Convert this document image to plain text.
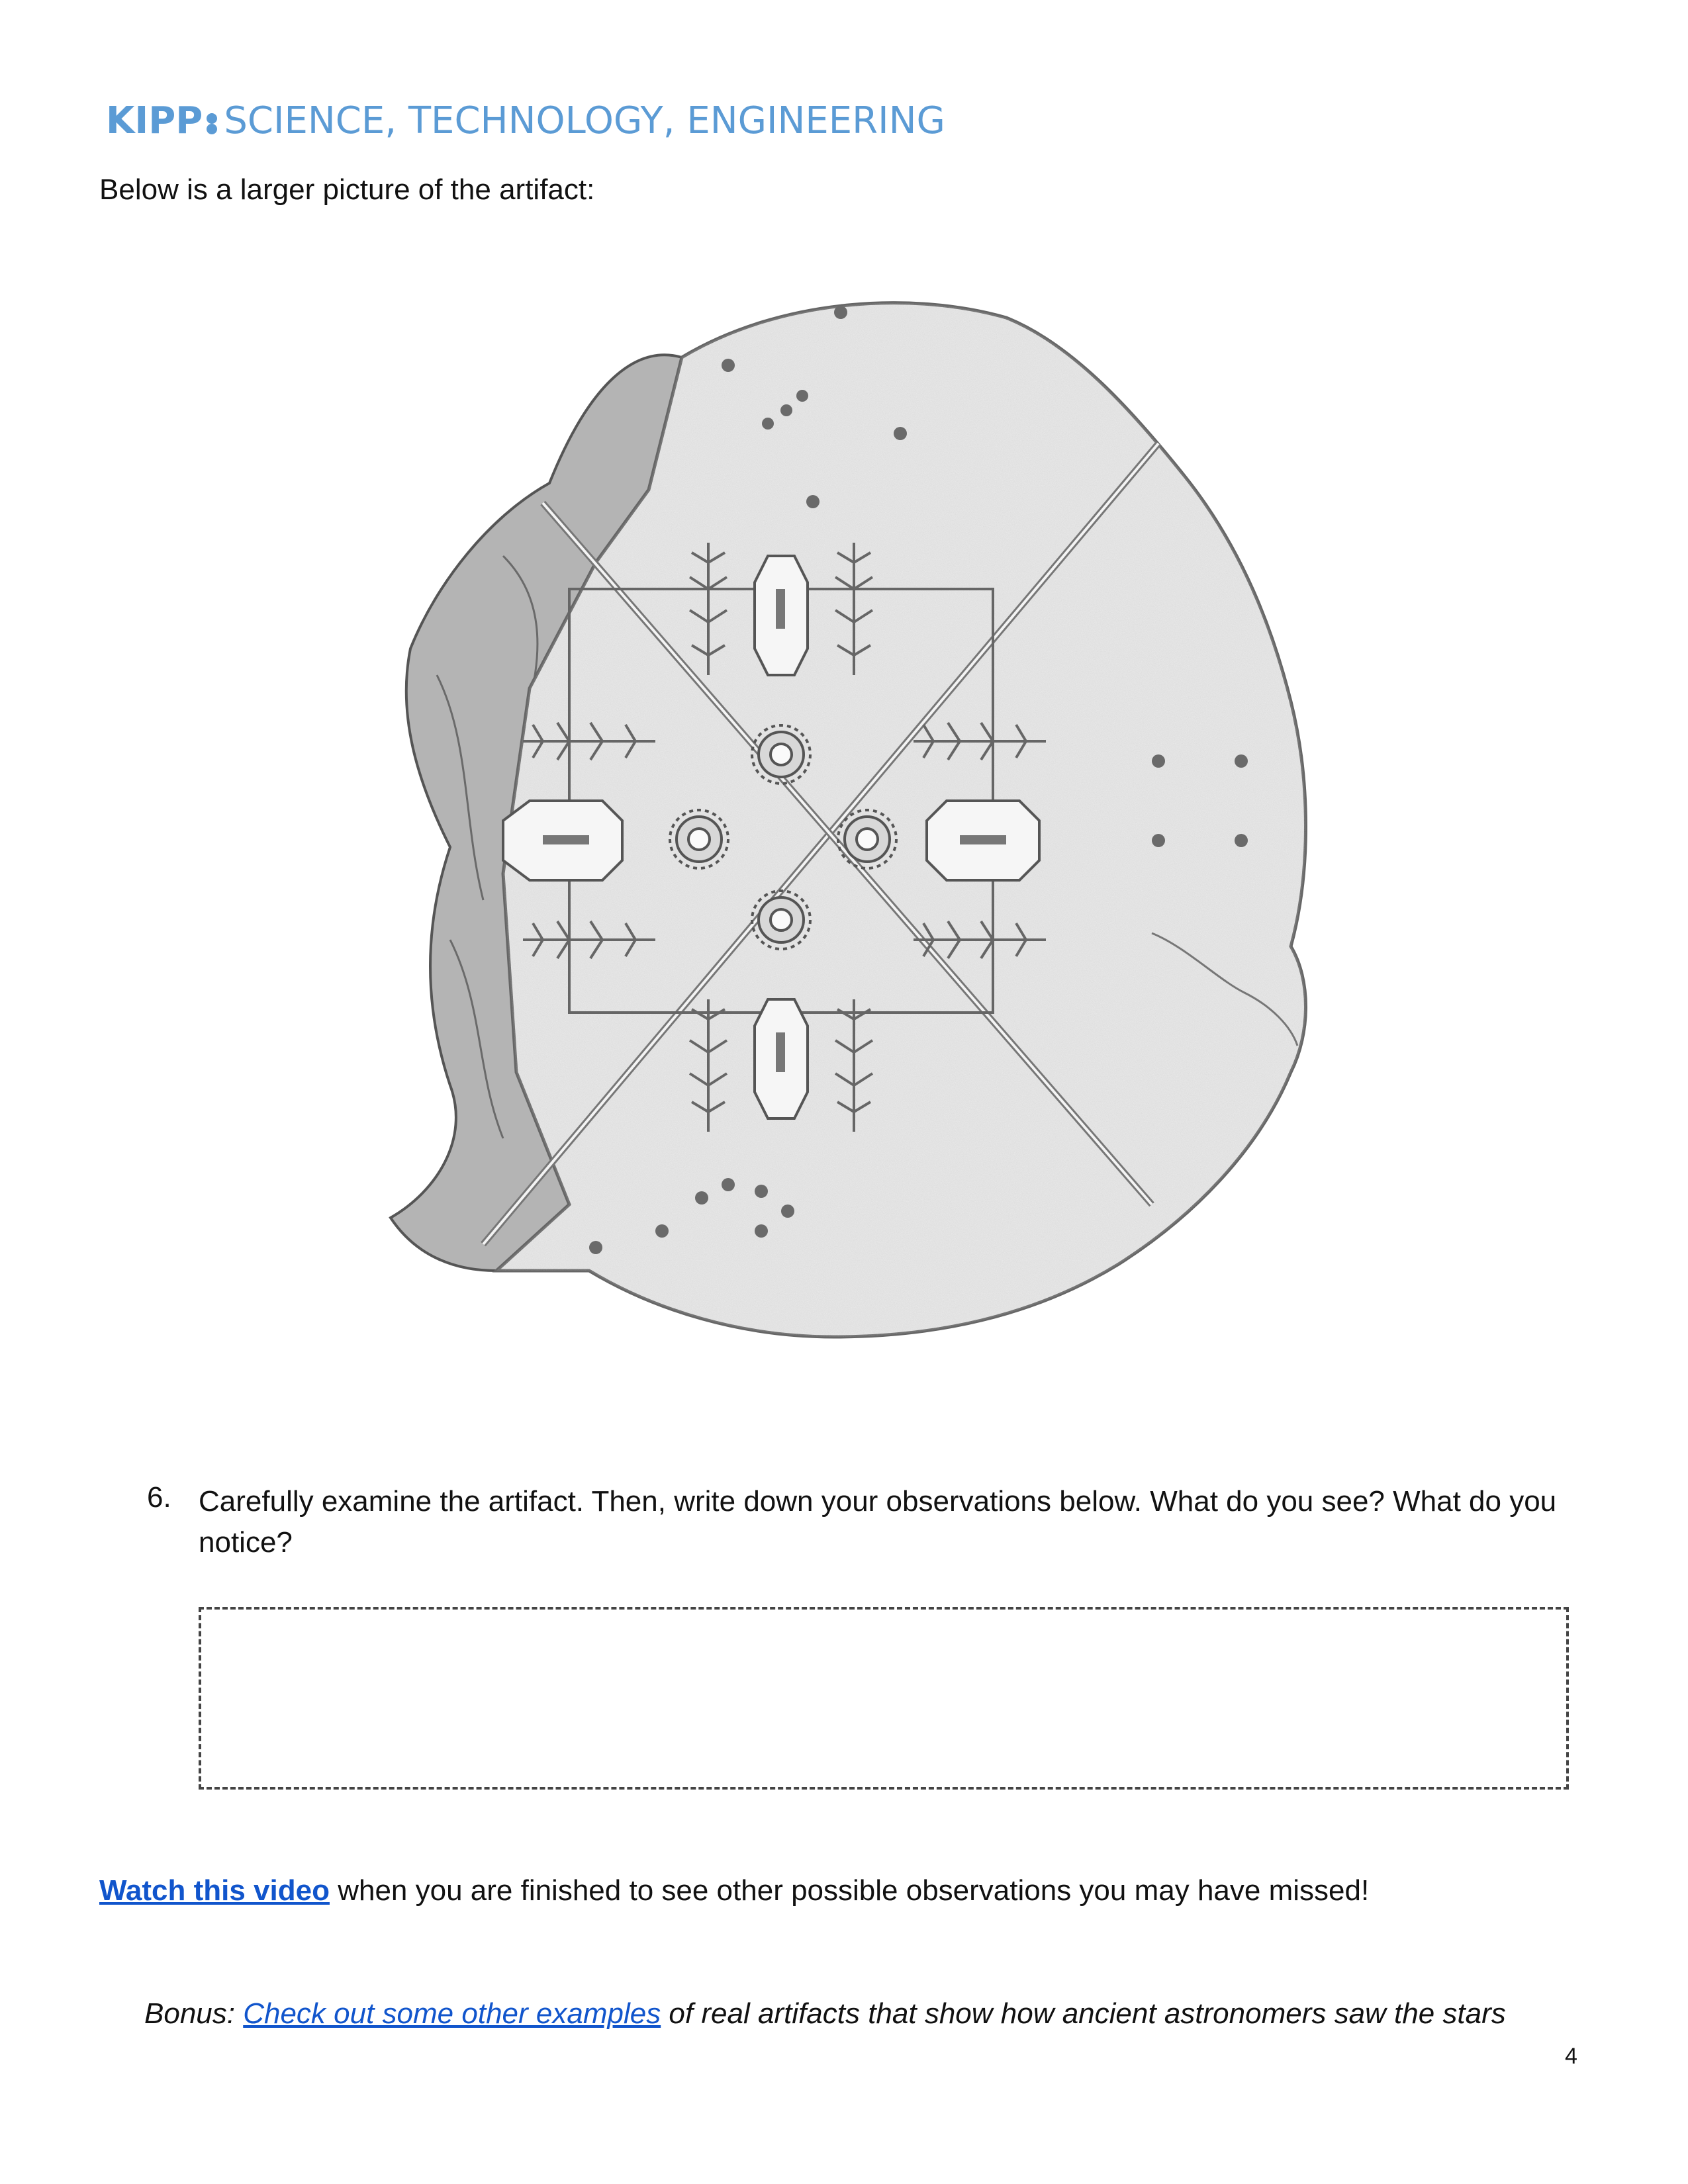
KIPP SCIENCE, TECHNOLOGY, ENGINEERING
Below is a larger picture of the artifact:
6. Carefully examine the artifact. Then, write down your observations below. What do you see? What do you notice?
Watch this video when you are finished to see other possible observations you may have missed!
Bonus: Check out some other examples of real artifacts that show how ancient astronomers saw the stars
4
